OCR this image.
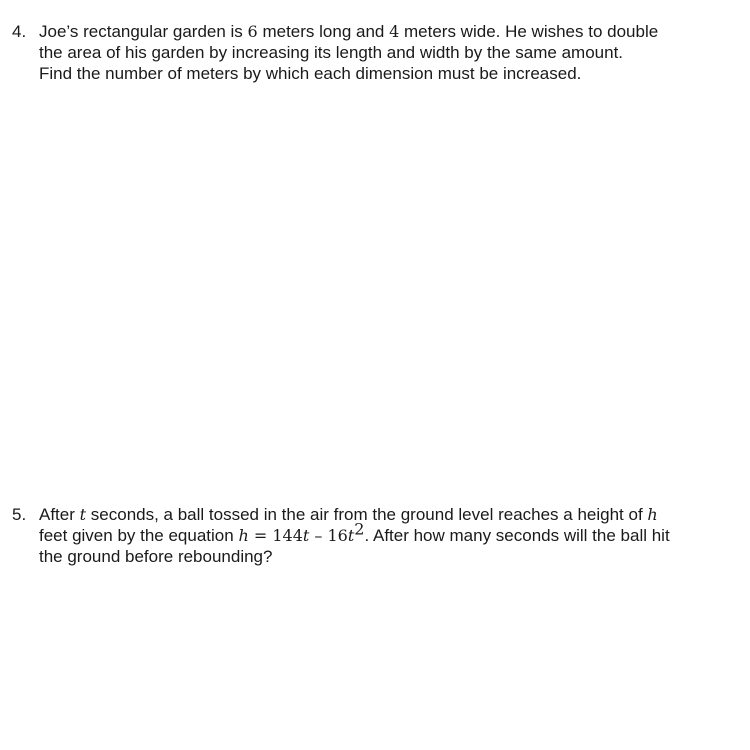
4. Joe’s rectangular garden is 6 meters long and 4 meters wide. He wishes to double
the area of his garden by increasing its length and width by the same amount.
Find the number of meters by which each dimension must be increased.
5. After t seconds, a ball tossed in the air from the ground level reaches a height of h
feet given by the equation $h = 144t - 16t^2$. After how many seconds will the ball hit
the ground before rebounding?
